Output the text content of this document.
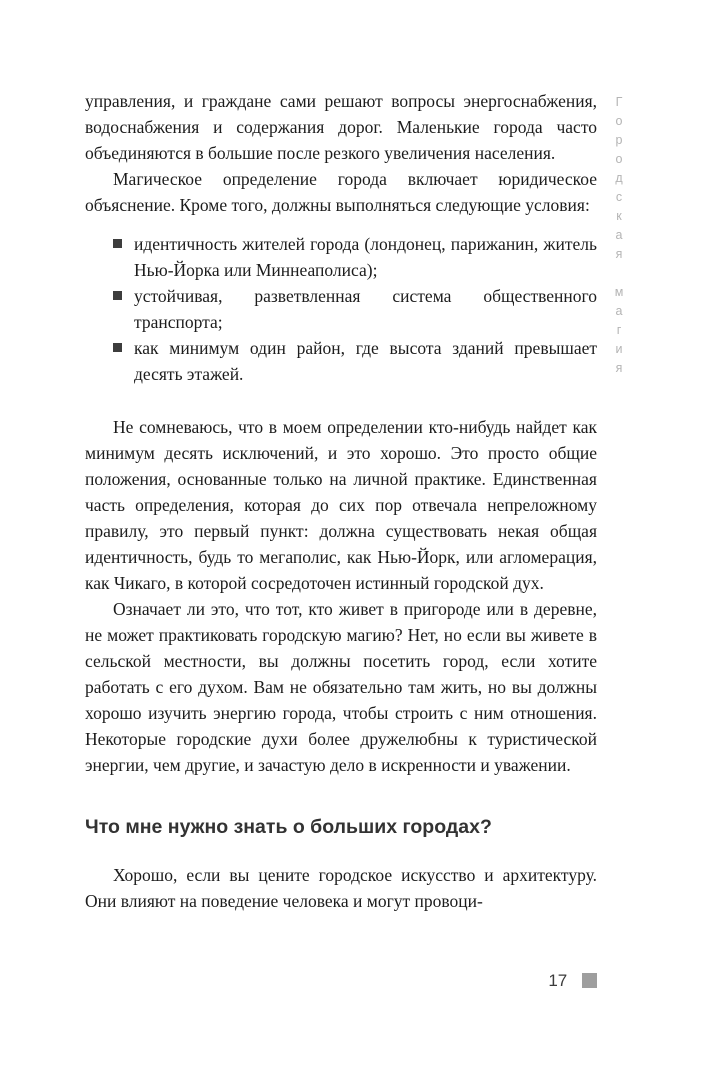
Городская магия

управления, и граждане сами решают вопросы энергоснабжения, водоснабжения и содержания дорог. Маленькие города часто объединяются в большие после резкого увеличения населения.

Магическое определение города включает юридическое объяснение. Кроме того, должны выполняться следующие условия:

идентичность жителей города (лондонец, парижанин, житель Нью-Йорка или Миннеаполиса);
устойчивая, разветвленная система общественного транспорта;
как минимум один район, где высота зданий превышает десять этажей.

Не сомневаюсь, что в моем определении кто-нибудь найдет как минимум десять исключений, и это хорошо. Это просто общие положения, основанные только на личной практике. Единственная часть определения, которая до сих пор отвечала непреложному правилу, это первый пункт: должна существовать некая общая идентичность, будь то мегаполис, как Нью-Йорк, или агломерация, как Чикаго, в которой сосредоточен истинный городской дух.

Означает ли это, что тот, кто живет в пригороде или в деревне, не может практиковать городскую магию? Нет, но если вы живете в сельской местности, вы должны посетить город, если хотите работать с его духом. Вам не обязательно там жить, но вы должны хорошо изучить энергию города, чтобы строить с ним отношения. Некоторые городские духи более дружелюбны к туристической энергии, чем другие, и зачастую дело в искренности и уважении.

Что мне нужно знать о больших городах?

Хорошо, если вы цените городское искусство и архитектуру. Они влияют на поведение человека и могут провоци-

17
